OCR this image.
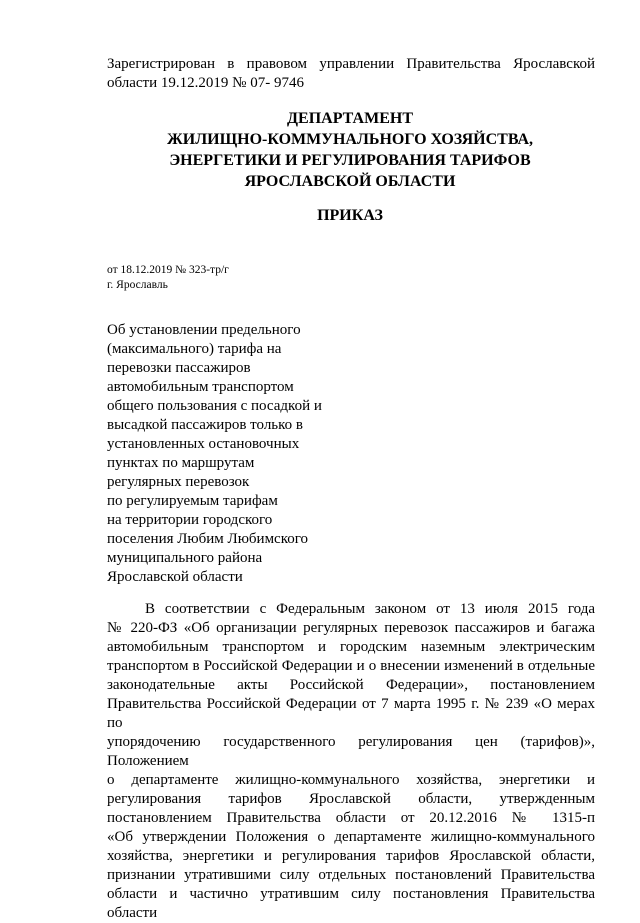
Зарегистрирован в правовом управлении Правительства Ярославской
области 19.12.2019 № 07- 9746
ДЕПАРТАМЕНТ
ЖИЛИЩНО-КОММУНАЛЬНОГО ХОЗЯЙСТВА,
ЭНЕРГЕТИКИ И РЕГУЛИРОВАНИЯ ТАРИФОВ
ЯРОСЛАВСКОЙ ОБЛАСТИ
ПРИКАЗ
от 18.12.2019 № 323-тр/г
г. Ярославль
Об установлении предельного
(максимального) тарифа на
перевозки пассажиров
автомобильным транспортом
общего пользования с посадкой и
высадкой пассажиров только в
установленных остановочных
пунктах по маршрутам
регулярных перевозок
по регулируемым тарифам
на территории городского
поселения Любим Любимского
муниципального района
Ярославской области
В соответствии с Федеральным законом от 13 июля 2015 года
№ 220-ФЗ «Об организации регулярных перевозок пассажиров и багажа
автомобильным транспортом и городским наземным электрическим
транспортом в Российской Федерации и о внесении изменений в отдельные
законодательные акты Российской Федерации», постановлением
Правительства Российской Федерации от 7 марта 1995 г. № 239 «О мерах по
упорядочению государственного регулирования цен (тарифов)», Положением
о департаменте жилищно-коммунального хозяйства, энергетики и
регулирования тарифов Ярославской области, утвержденным
постановлением Правительства области от 20.12.2016 № 1315-п
«Об утверждении Положения о департаменте жилищно-коммунального
хозяйства, энергетики и регулирования тарифов Ярославской области,
признании утратившими силу отдельных постановлений Правительства
области и частично утратившим силу постановления Правительства области
